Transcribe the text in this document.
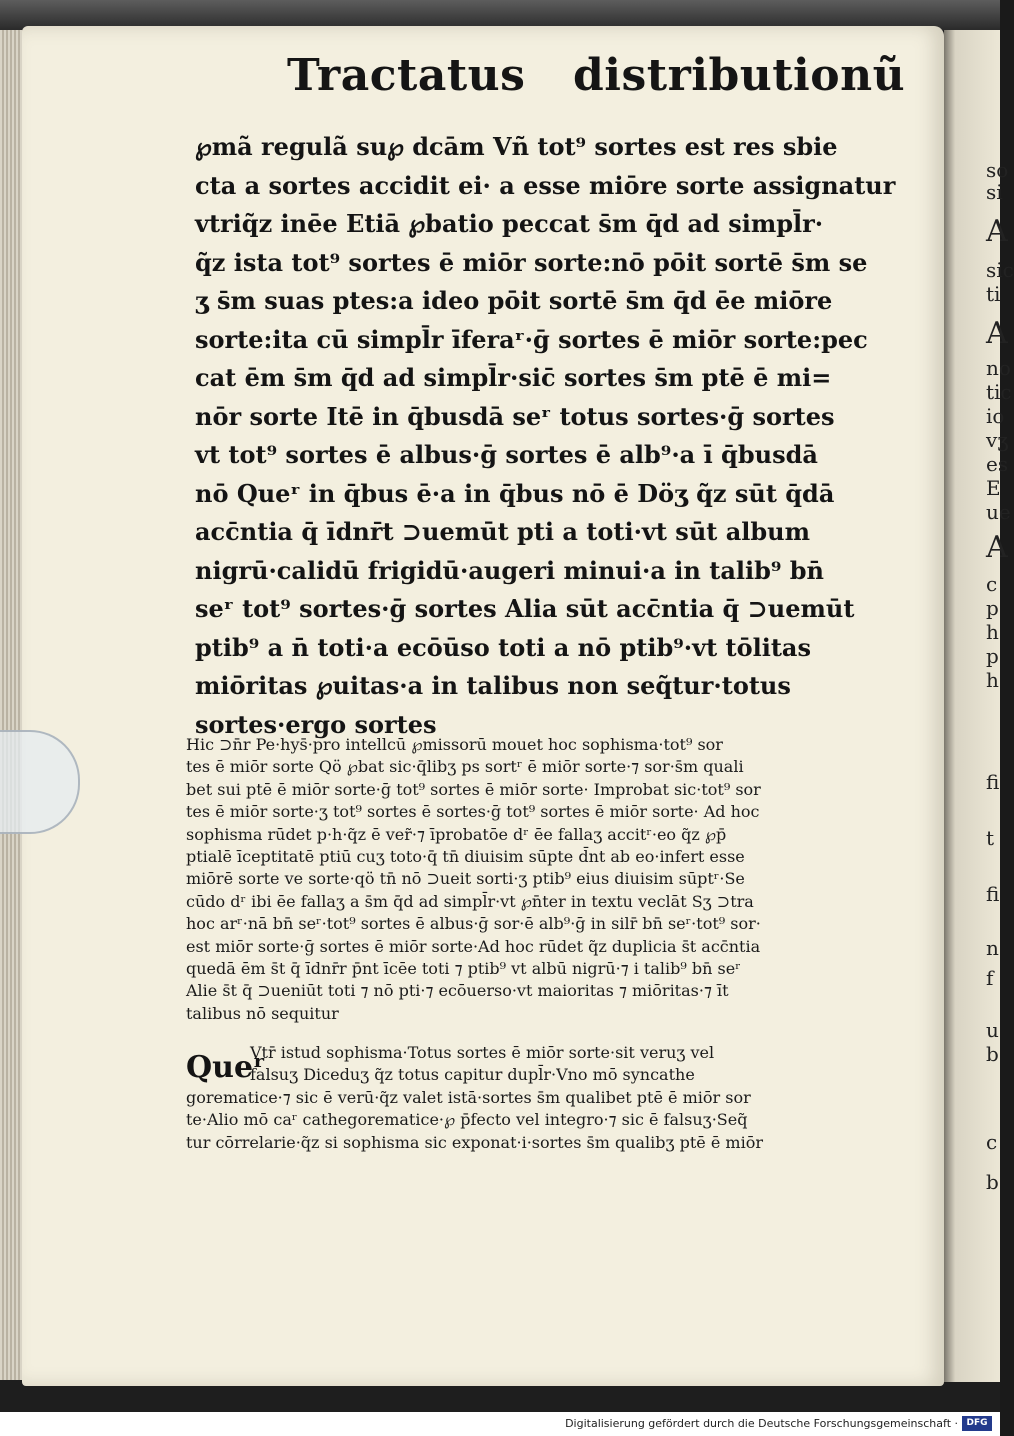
Tractatus distributionũ
℘mã regulã su℘ dcām Vñ tot⁹ sortes est res sbie
cta a sortes accidit ei· a esse miōre sorte assignatur
vtriq̃z inēe Etiā ℘batio peccat s̄m q̄d ad simpl̄r·
q̃z ista tot⁹ sortes ē miōr sorte:nō pōit sortē s̄m se
ʒ s̄m suas ptes:a ideo pōit sortē s̄m q̄d ēe miōre
sorte:ita cū simpl̄r īferaʳ·ḡ sortes ē miōr sorte:pec
cat ēm s̄m q̄d ad simpl̄r·sic̄ sortes s̄m ptē ē mi=
nōr sorte Itē in q̄busdā seʳ totus sortes·ḡ sortes
vt tot⁹ sortes ē albus·ḡ sortes ē alb⁹·a ī q̄busdā
nō Queʳ in q̄bus ē·a in q̄bus nō ē Döʒ q̃z sūt q̄dā
acc̄ntia q̄ īdnr̄t ⊃uemūt pti a toti·vt sūt album
nigrū·calidū frigidū·augeri minui·a in talib⁹ bn̄
seʳ tot⁹ sortes·ḡ sortes Alia sūt acc̄ntia q̄ ⊃uemūt
ptib⁹ a n̄ toti·a ecōūso toti a nō ptib⁹·vt tōlitas
miōritas ℘uitas·a in talibus non seq̃tur·totus
sortes·ergo sortes
Hic ⊃n̄r Pe·hys̄·pro intellcū ℘missorū mouet hoc sophisma·tot⁹ sor
tes ē miōr sorte Qö ℘bat sic·q̄libʒ ps sortʳ ē miōr sorte·⁊ sor·s̄m quali
bet sui ptē ē miōr sorte·ḡ tot⁹ sortes ē miōr sorte· Improbat sic·tot⁹ sor
tes ē miōr sorte·ʒ tot⁹ sortes ē sortes·ḡ tot⁹ sortes ē miōr sorte· Ad hoc
sophisma rūdet p·h·q̃z ē ver̃·⁊ īprobatōe dʳ ēe fallaʒ accitʳ·eo q̃z ℘p̄
ptialē īceptitatē ptiū cuʒ toto·q̄ tn̄ diuisim sūpte d̄nt ab eo·infert esse
miōrē sorte ve sorte·qö tn̄ nō ⊃ueit sorti·ʒ ptib⁹ eius diuisim sūptʳ·Se
cūdo dʳ ibi ēe fallaʒ a s̄m q̄d ad simpl̄r·vt ℘n̄ter in textu veclāt Sʒ ⊃tra
hoc arʳ·nā bn̄ seʳ·tot⁹ sortes ē albus·ḡ sor·ē alb⁹·ḡ in silr̄ bn̄ seʳ·tot⁹ sor·
est miōr sorte·ḡ sortes ē miōr sorte·Ad hoc rūdet q̃z duplicia s̄t acc̄ntia
quedā ēm s̄t q̄ īdnr̄r p̄nt īcēe toti ⁊ ptib⁹ vt albū nigrū·⁊ i talib⁹ bn̄ seʳ
Alie s̄t q̄ ⊃ueniūt toti ⁊ nō pti·⁊ ecōuerso·vt maioritas ⁊ miōritas·⁊ īt
talibus nō sequitur
Queʳ
Vtr̄ istud sophisma·Totus sortes ē miōr sorte·sit veruʒ vel
falsuʒ Diceduʒ q̃z totus capitur dupl̄r·Vno mō syncathe
gorematice·⁊ sic ē verū·q̃z valet istā·sortes s̄m qualibet ptē ē miōr sor
te·Alio mō caʳ cathegorematice·℘ p̄fecto vel integro·⁊ sic ē falsuʒ·Seq̃
tur cōrrelarie·q̃z si sophisma sic exponat·i·sortes s̄m qualibʒ ptē ē miōr
so
si
A
sic
ti
A
no
tic
io
vʒ
es
E
ue
A
c
p
h
p
h
fi
t
fi
n
f
u
b
c
b
Digitalisierung gefördert durch die Deutsche Forschungsgemeinschaft · DFG
